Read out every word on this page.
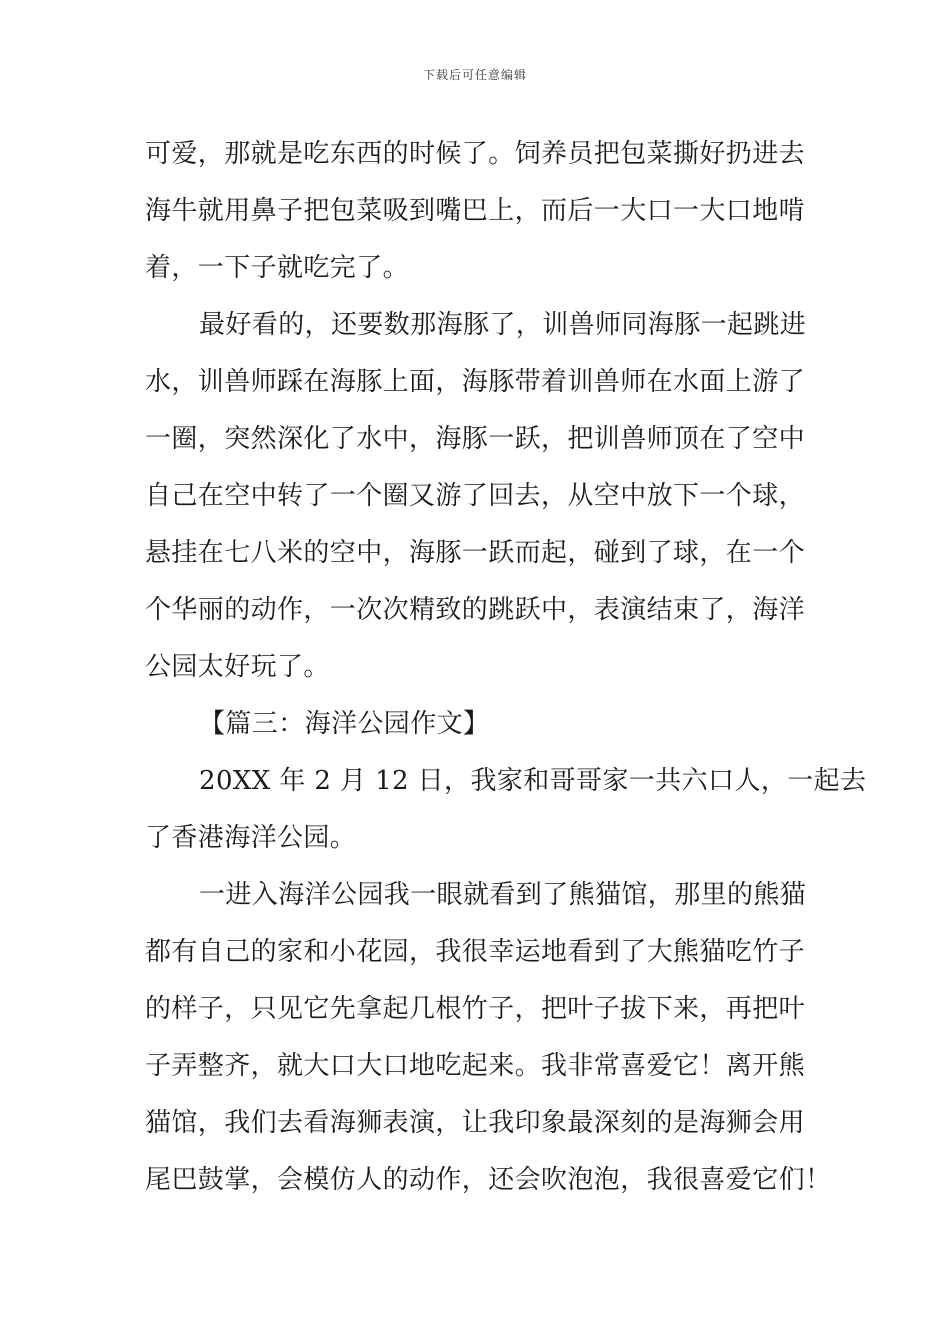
下载后可任意编辑
可爱，那就是吃东西的时候了。饲养员把包菜撕好扔进去
海牛就用鼻子把包菜吸到嘴巴上，而后一大口一大口地啃
着，一下子就吃完了。
最好看的，还要数那海豚了，训兽师同海豚一起跳进
水，训兽师踩在海豚上面，海豚带着训兽师在水面上游了
一圈，突然深化了水中，海豚一跃，把训兽师顶在了空中
自己在空中转了一个圈又游了回去，从空中放下一个球，
悬挂在七八米的空中，海豚一跃而起，碰到了球，在一个
个华丽的动作，一次次精致的跳跃中，表演结束了，海洋
公园太好玩了。
【篇三：海洋公园作文】
20XX 年 2 月 12 日，我家和哥哥家一共六口人，一起去
了香港海洋公园。
一进入海洋公园我一眼就看到了熊猫馆，那里的熊猫
都有自己的家和小花园，我很幸运地看到了大熊猫吃竹子
的样子，只见它先拿起几根竹子，把叶子拔下来，再把叶
子弄整齐，就大口大口地吃起来。我非常喜爱它！离开熊
猫馆，我们去看海狮表演，让我印象最深刻的是海狮会用
尾巴鼓掌，会模仿人的动作，还会吹泡泡，我很喜爱它们！
